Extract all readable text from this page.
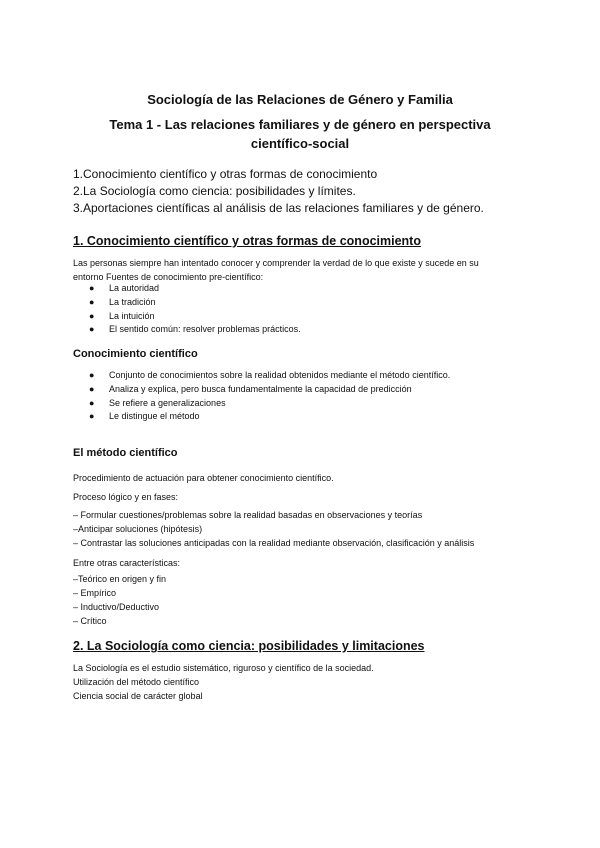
Sociología de las Relaciones de Género y Familia
Tema 1 - Las relaciones familiares y de género en perspectiva
científico-social
1.Conocimiento científico y otras formas de conocimiento
2.La Sociología como ciencia: posibilidades y límites.
3.Aportaciones científicas al análisis de las relaciones familiares y de género.
1. Conocimiento científico y otras formas de conocimiento
Las personas siempre han intentado conocer y comprender la verdad de lo que existe y sucede en su
entorno Fuentes de conocimiento pre-científico:
● La autoridad
● La tradición
● La intuición
● El sentido común: resolver problemas prácticos.
Conocimiento científico
● Conjunto de conocimientos sobre la realidad obtenidos mediante el método científico.
● Analiza y explica, pero busca fundamentalmente la capacidad de predicción
● Se refiere a generalizaciones
● Le distingue el método
El método científico
Procedimiento de actuación para obtener conocimiento científico.
Proceso lógico y en fases:
– Formular cuestiones/problemas sobre la realidad basadas en observaciones y teorías
–Anticipar soluciones (hipótesis)
– Contrastar las soluciones anticipadas con la realidad mediante observación, clasificación y análisis
Entre otras características:
–Teórico en origen y fin
– Empírico
– Inductivo/Deductivo
– Crítico
2. La Sociología como ciencia: posibilidades y limitaciones
La Sociología es el estudio sistemático, riguroso y científico de la sociedad.
Utilización del método científico
Ciencia social de carácter global
